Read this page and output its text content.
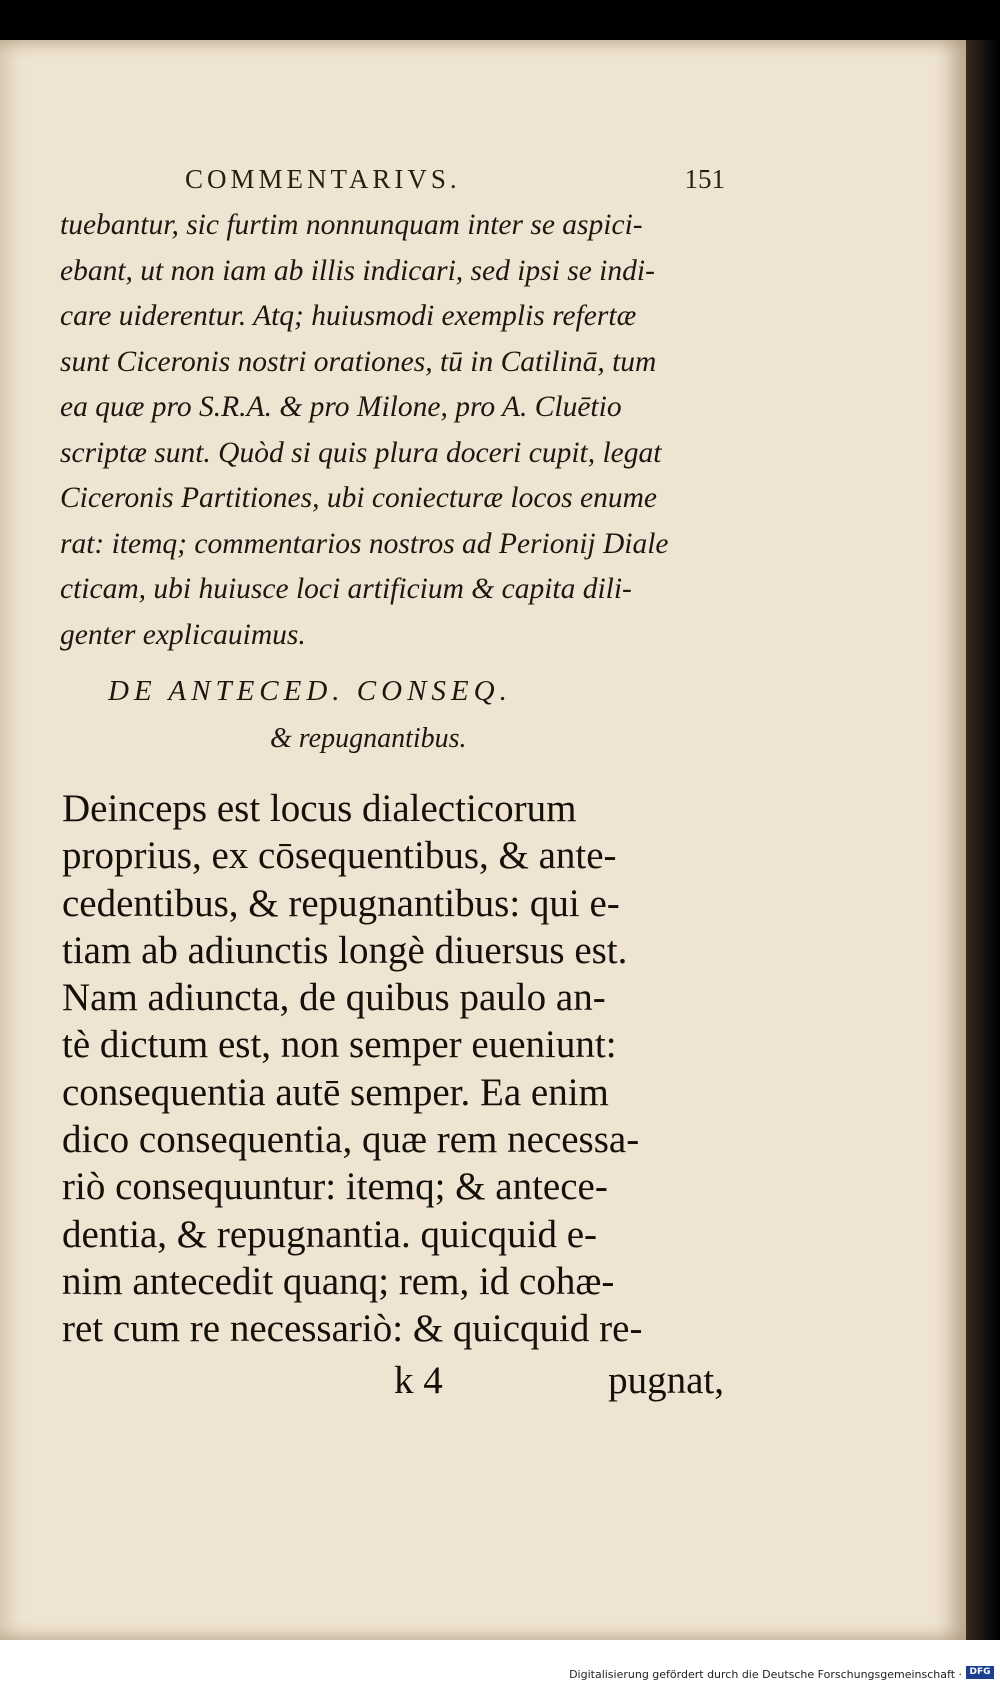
COMMENTARIVS.	151
tuebantur, sic furtim nonnunquam inter se aspici-
ebant, ut non iam ab illis indicari, sed ipsi se indi-
care uiderentur. Atq; huiusmodi exemplis refertæ
sunt Ciceronis nostri orationes, tū in Catilinā, tum
ea quæ pro S.R.A. & pro Milone, pro A. Cluētio
scriptæ sunt. Quòd si quis plura doceri cupit, legat
Ciceronis Partitiones, ubi coniecturæ locos enume
rat: itemq; commentarios nostros ad Perionij Diale
cticam, ubi huiusce loci artificium & capita dili-
genter explicauimus.
DE ANTECED. CONSEQ.
& repugnantibus.
Deinceps est locus dialecticorum
proprius, ex cōsequentibus, & ante-
cedentibus, & repugnantibus: qui e-
tiam ab adiunctis longè diuersus est.
Nam adiuncta, de quibus paulo an-
tè dictum est, non semper eueniunt:
consequentia autē semper. Ea enim
dico consequentia, quæ rem necessa-
riò consequuntur: itemq; & antece-
dentia, & repugnantia. quicquid e-
nim antecedit quanq; rem, id cohæ-
ret cum re necessariò: & quicquid re-
k 4	pugnat,
Digitalisierung gefördert durch die Deutsche Forschungsgemeinschaft · DFG
